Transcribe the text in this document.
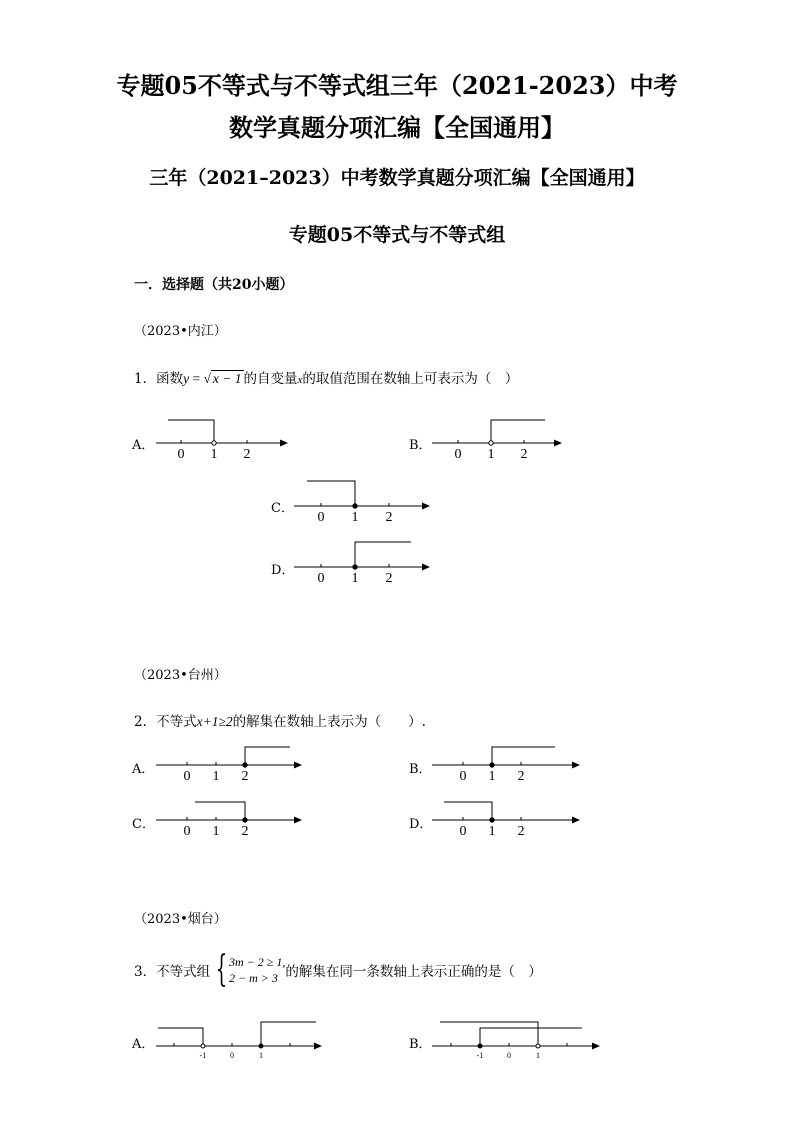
专题05不等式与不等式组三年（2021-2023）中考
数学真题分项汇编【全国通用】
三年（2021–2023）中考数学真题分项汇编【全国通用】
专题05不等式与不等式组
一．选择题（共20小题）
（2023•内江）
1．函数y = √ x − 1 的自变量x的取值范围在数轴上可表示为（　）
A．
0 1 2	0 1 2
0 1 2
0 1 2
0 1 2	0 1 2
0 1 2	0 1 2
-1	0	1	-1	0	1
B．
C．
D．
（2023•台州）
2．不等式x+1≥2的解集在数轴上表示为（　　）.
A．	B．
C．	D．
（2023•烟台）
3．不等式组 { 3m − 2 ≥ 1,
2 − m > 3 的解集在同一条数轴上表示正确的是（　）
A．	B．
